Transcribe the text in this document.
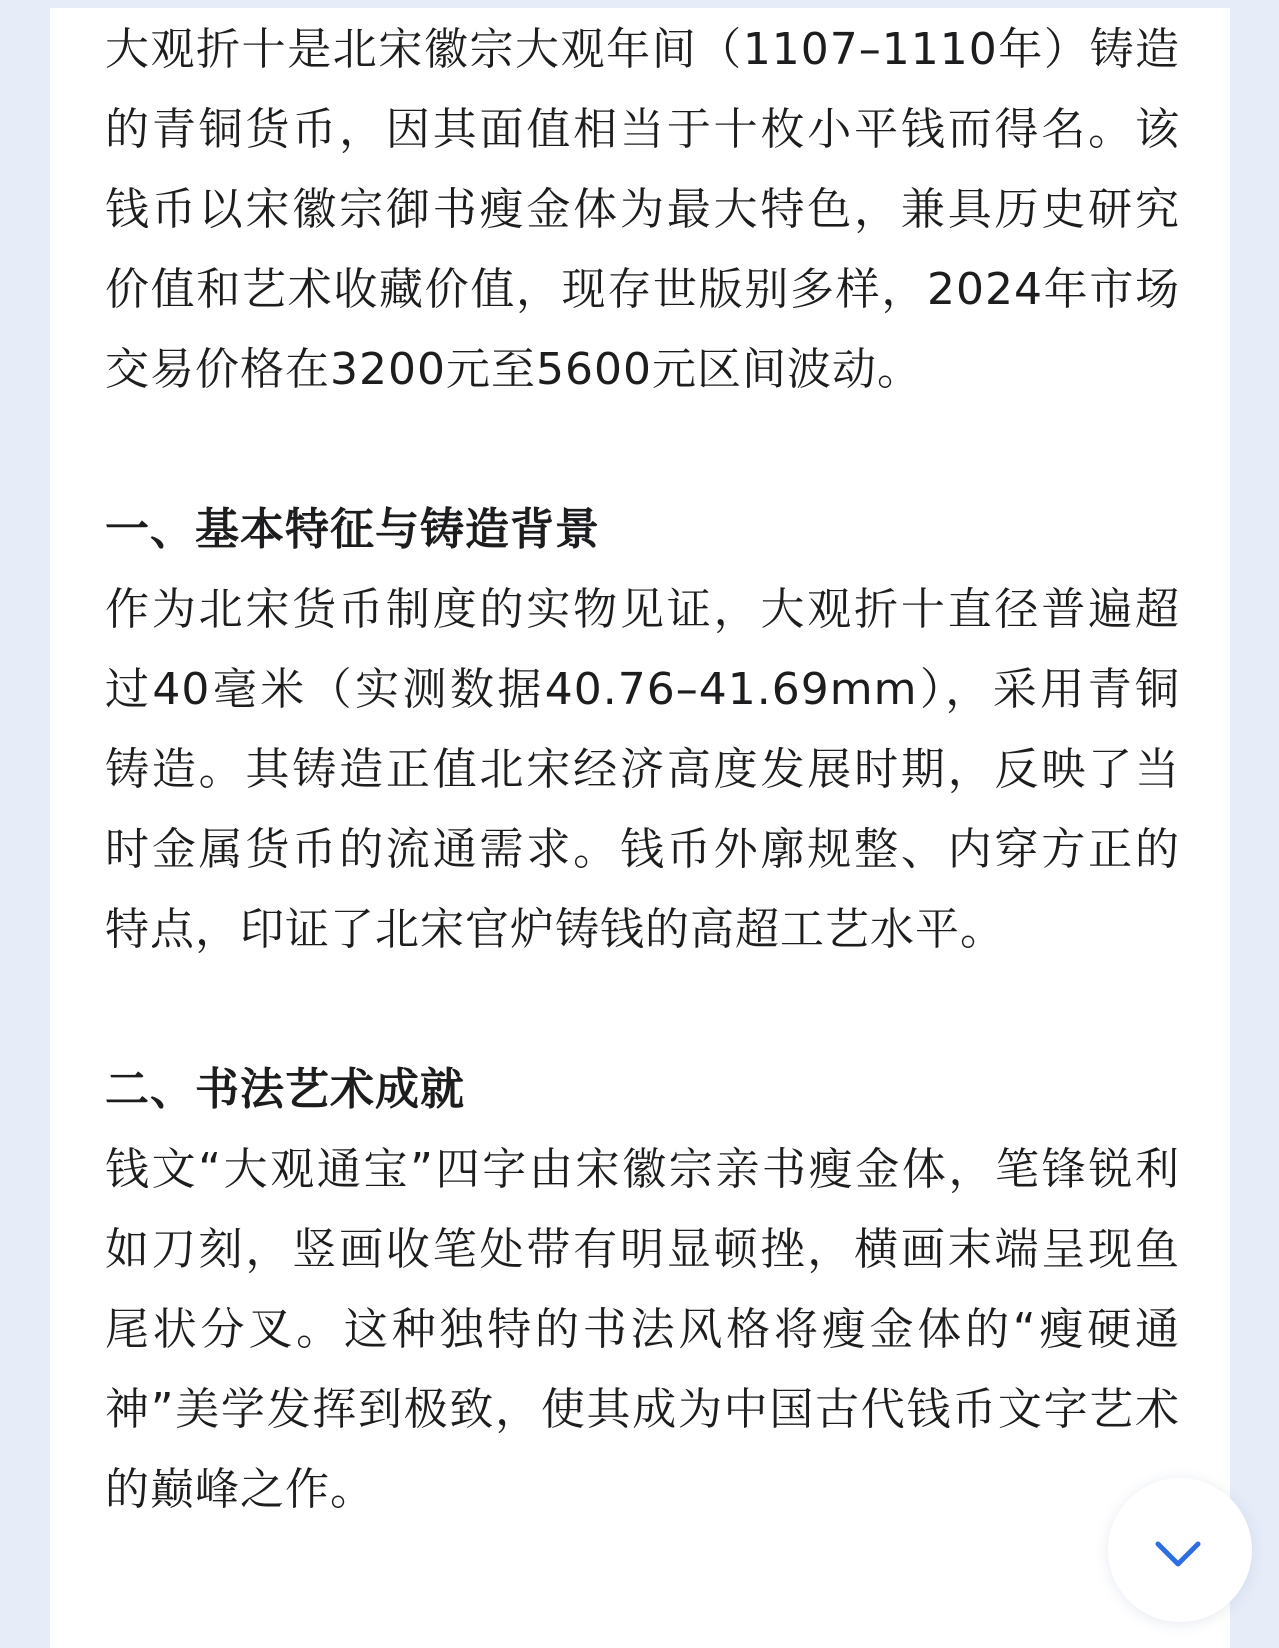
大观折十是北宋徽宗大观年间（1107–1110年）铸造的青铜货币，因其面值相当于十枚小平钱而得名。该钱币以宋徽宗御书瘦金体为最大特色，兼具历史研究价值和艺术收藏价值，现存世版别多样，2024年市场交易价格在3200元至5600元区间波动。

一、基本特征与铸造背景

作为北宋货币制度的实物见证，大观折十直径普遍超过40毫米（实测数据40.76–41.69mm），采用青铜铸造。其铸造正值北宋经济高度发展时期，反映了当时金属货币的流通需求。钱币外廓规整、内穿方正的特点，印证了北宋官炉铸钱的高超工艺水平。

二、书法艺术成就

钱文“大观通宝”四字由宋徽宗亲书瘦金体，笔锋锐利如刀刻，竖画收笔处带有明显顿挫，横画末端呈现鱼尾状分叉。这种独特的书法风格将瘦金体的“瘦硬通神”美学发挥到极致，使其成为中国古代钱币文字艺术的巅峰之作。
